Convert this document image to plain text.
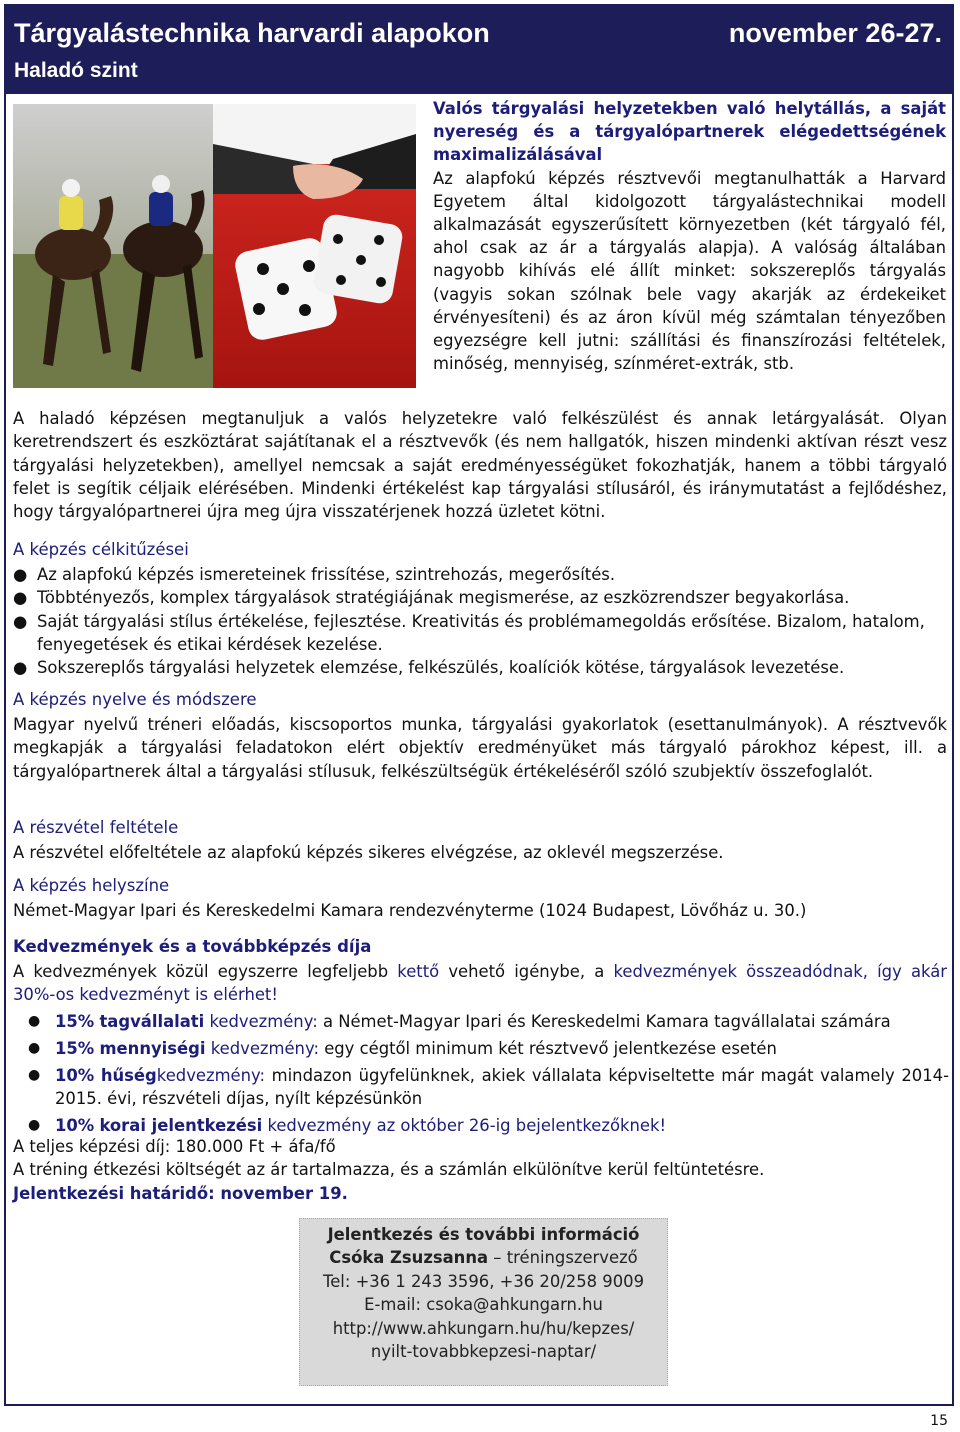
Tárgyalástechnika harvardi alapokon	november 26-27.
Haladó szint
Valós tárgyalási helyzetekben való helytállás, a saját nyereség és a tárgyalópartnerek elégedettségének maximalizálásával
Az alapfokú képzés résztvevői megtanulhatták a Harvard Egyetem által kidolgozott tárgyalástechnikai modell alkalmazását egyszerűsített környezetben (két tárgyaló fél, ahol csak az ár a tárgyalás alapja). A valóság általában nagyobb kihívás elé állít minket: sokszereplős tárgyalás (vagyis sokan szólnak bele vagy akarják az érdekeiket érvényesíteni) és az áron kívül még számtalan tényezőben egyezségre kell jutni: szállítási és finanszírozási feltételek, minőség, mennyiség, színméret-extrák, stb.
A haladó képzésen megtanuljuk a valós helyzetekre való felkészülést és annak letárgyalását. Olyan keretrendszert és eszköztárat sajátítanak el a résztvevők (és nem hallgatók, hiszen mindenki aktívan részt vesz tárgyalási helyzetekben), amellyel nemcsak a saját eredményességüket fokozhatják, hanem a többi tárgyaló felet is segítik céljaik elérésében. Mindenki értékelést kap tárgyalási stílusáról, és iránymutatást a fejlődéshez, hogy tárgyalópartnerei újra meg újra visszatérjenek hozzá üzletet kötni.
A képzés célkitűzései
● Az alapfokú képzés ismereteinek frissítése, szintrehozás, megerősítés.
● Többtényezős, komplex tárgyalások stratégiájának megismerése, az eszközrendszer begyakorlása.
● Saját tárgyalási stílus értékelése, fejlesztése. Kreativitás és problémamegoldás erősítése. Bizalom, hatalom, fenyegetések és etikai kérdések kezelése.
● Sokszereplős tárgyalási helyzetek elemzése, felkészülés, koalíciók kötése, tárgyalások levezetése.
A képzés nyelve és módszere
Magyar nyelvű tréneri előadás, kiscsoportos munka, tárgyalási gyakorlatok (esettanulmányok). A résztvevők megkapják a tárgyalási feladatokon elért objektív eredményüket más tárgyaló párokhoz képest, ill. a tárgyalópartnerek által a tárgyalási stílusuk, felkészültségük értékeléséről szóló szubjektív összefoglalót.
A részvétel feltétele
A részvétel előfeltétele az alapfokú képzés sikeres elvégzése, az oklevél megszerzése.
A képzés helyszíne
Német-Magyar Ipari és Kereskedelmi Kamara rendezvényterme (1024 Budapest, Lövőház u. 30.)
Kedvezmények és a továbbképzés díja
A kedvezmények közül egyszerre legfeljebb kettő vehető igénybe, a kedvezmények összeadódnak, így akár 30%-os kedvezményt is elérhet!
● 15% tagvállalati kedvezmény: a Német-Magyar Ipari és Kereskedelmi Kamara tagvállalatai számára
● 15% mennyiségi kedvezmény: egy cégtől minimum két résztvevő jelentkezése esetén
● 10% hűségkedvezmény: mindazon ügyfelünknek, akiek vállalata képviseltette már magát valamely 2014-2015. évi, részvételi díjas, nyílt képzésünkön
● 10% korai jelentkezési kedvezmény az október 26-ig bejelentkezőknek!
A teljes képzési díj: 180.000 Ft + áfa/fő
A tréning étkezési költségét az ár tartalmazza, és a számlán elkülönítve kerül feltüntetésre.
Jelentkezési határidő: november 19.
Jelentkezés és további információ
Csóka Zsuzsanna – tréningszervező
Tel: +36 1 243 3596, +36 20/258 9009
E-mail: csoka@ahkungarn.hu
http://www.ahkungarn.hu/hu/kepzes/
nyilt-tovabbkepzesi-naptar/
15
